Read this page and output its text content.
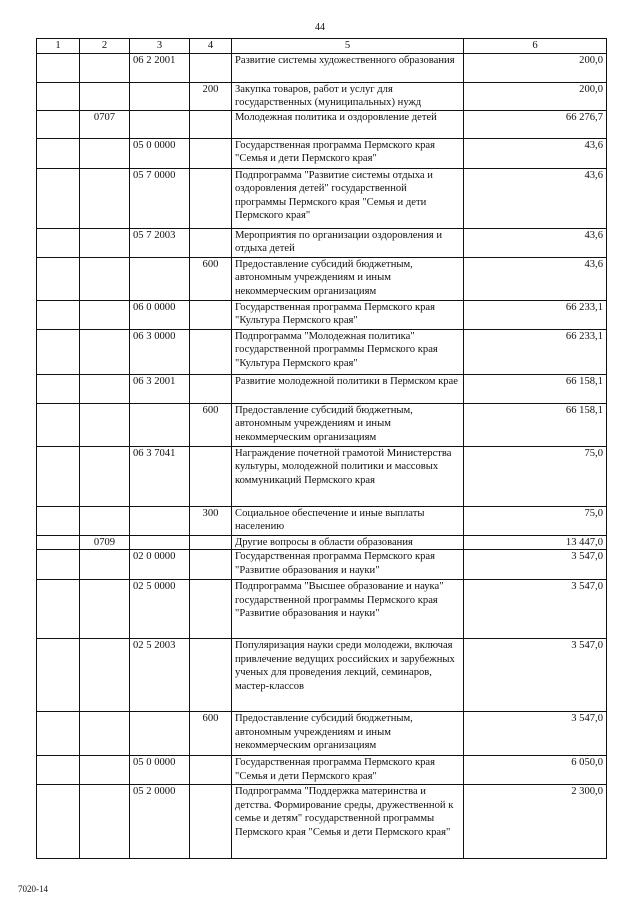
44
1	2	3	4	5	6
		06 2 2001		Развитие системы художественного образования	200,0
			200	Закупка товаров, работ и услуг для государственных (муниципальных) нужд	200,0
	0707			Молодежная политика и оздоровление детей	66 276,7
		05 0 0000		Государственная программа Пермского края "Семья и дети Пермского края"	43,6
		05 7 0000		Подпрограмма "Развитие системы отдыха и оздоровления детей" государственной программы Пермского края "Семья и дети Пермского края"	43,6
		05 7 2003		Мероприятия по организации оздоровления и отдыха детей	43,6
			600	Предоставление субсидий бюджетным, автономным учреждениям и иным некоммерческим организациям	43,6
		06 0 0000		Государственная программа Пермского края "Культура Пермского края"	66 233,1
		06 3 0000		Подпрограмма "Молодежная политика" государственной программы Пермского края "Культура Пермского края"	66 233,1
		06 3 2001		Развитие молодежной политики в Пермском крае	66 158,1
			600	Предоставление субсидий бюджетным, автономным учреждениям и иным некоммерческим организациям	66 158,1
		06 3 7041		Награждение почетной грамотой Министерства культуры, молодежной политики и массовых коммуникаций Пермского края	75,0
			300	Социальное обеспечение и иные выплаты населению	75,0
	0709			Другие вопросы в области образования	13 447,0
		02 0 0000		Государственная программа Пермского края "Развитие образования и науки"	3 547,0
		02 5 0000		Подпрограмма "Высшее образование и наука" государственной программы Пермского края "Развитие образования и науки"	3 547,0
		02 5 2003		Популяризация науки среди молодежи, включая привлечение ведущих российских и зарубежных ученых для проведения лекций, семинаров, мастер-классов	3 547,0
			600	Предоставление субсидий бюджетным, автономным учреждениям и иным некоммерческим организациям	3 547,0
		05 0 0000		Государственная программа Пермского края "Семья и дети Пермского края"	6 050,0
		05 2 0000		Подпрограмма "Поддержка материнства и детства. Формирование среды, дружественной к семье и детям" государственной программы Пермского края "Семья и дети Пермского края"	2 300,0
7020-14
